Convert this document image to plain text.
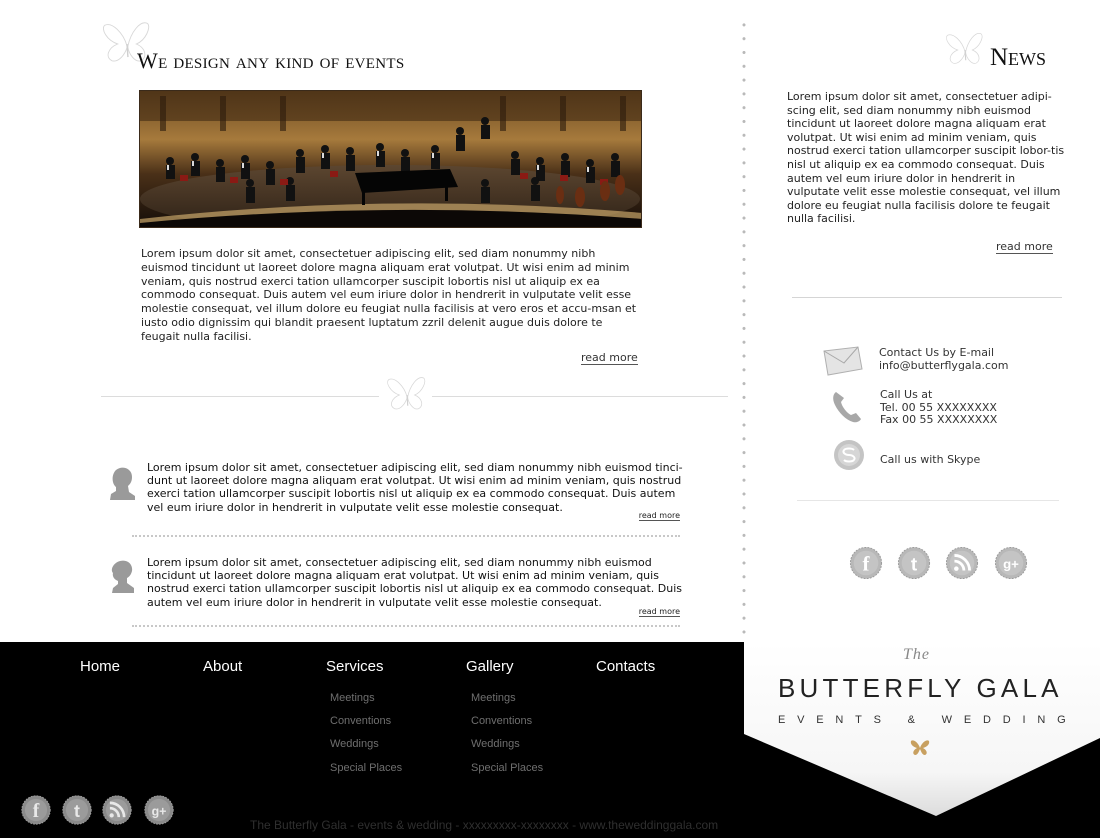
We design any kind of events
Lorem ipsum dolor sit amet, consectetuer adipiscing elit, sed diam nonummy nibh euismod tincidunt ut laoreet dolore magna aliquam erat volutpat. Ut wisi enim ad minim veniam, quis nostrud exerci tation ullamcorper suscipit lobortis nisl ut aliquip ex ea commodo consequat. Duis autem vel eum iriure dolor in hendrerit in vulputate velit esse molestie consequat, vel illum dolore eu feugiat nulla facilisis at vero eros et accu-msan et iusto odio dignissim qui blandit praesent luptatum zzril delenit augue duis dolore te feugait nulla facilisi.
read more
Lorem ipsum dolor sit amet, consectetuer adipiscing elit, sed diam nonummy nibh euismod tinci-dunt ut laoreet dolore magna aliquam erat volutpat. Ut wisi enim ad minim veniam, quis nostrud exerci tation ullamcorper suscipit lobortis nisl ut aliquip ex ea commodo consequat. Duis autem vel eum iriure dolor in hendrerit in vulputate velit esse molestie consequat.
read more
Lorem ipsum dolor sit amet, consectetuer adipiscing elit, sed diam nonummy nibh euismod tincidunt ut laoreet dolore magna aliquam erat volutpat. Ut wisi enim ad minim veniam, quis nostrud exerci tation ullamcorper suscipit lobortis nisl ut aliquip ex ea commodo consequat. Duis autem vel eum iriure dolor in hendrerit in vulputate velit esse molestie consequat.
read more
News
Lorem ipsum dolor sit amet, consectetuer adipi-scing elit, sed diam nonummy nibh euismod tincidunt ut laoreet dolore magna aliquam erat volutpat. Ut wisi enim ad minim veniam, quis nostrud exerci tation ullamcorper suscipit lobor-tis nisl ut aliquip ex ea commodo consequat. Duis autem vel eum iriure dolor in hendrerit in vulputate velit esse molestie consequat, vel illum dolore eu feugiat nulla facilisis dolore te feugait nulla facilisi.
read more
Contact Us by E-mail
info@butterflygala.com
Call Us at
Tel. 00 55 XXXXXXXX
Fax 00 55 XXXXXXXX
Call us with Skype
f t	g+
Home	About	Services	Gallery	Contacts
Meetings
Conventions
Weddings
Special Places
Meetings
Conventions
Weddings
Special Places
f t	g+
The Butterfly Gala - events & wedding - xxxxxxxxx-xxxxxxxx - www.theweddinggala.com
The
BUTTERFLY GALA
EVENTS & WEDDING
